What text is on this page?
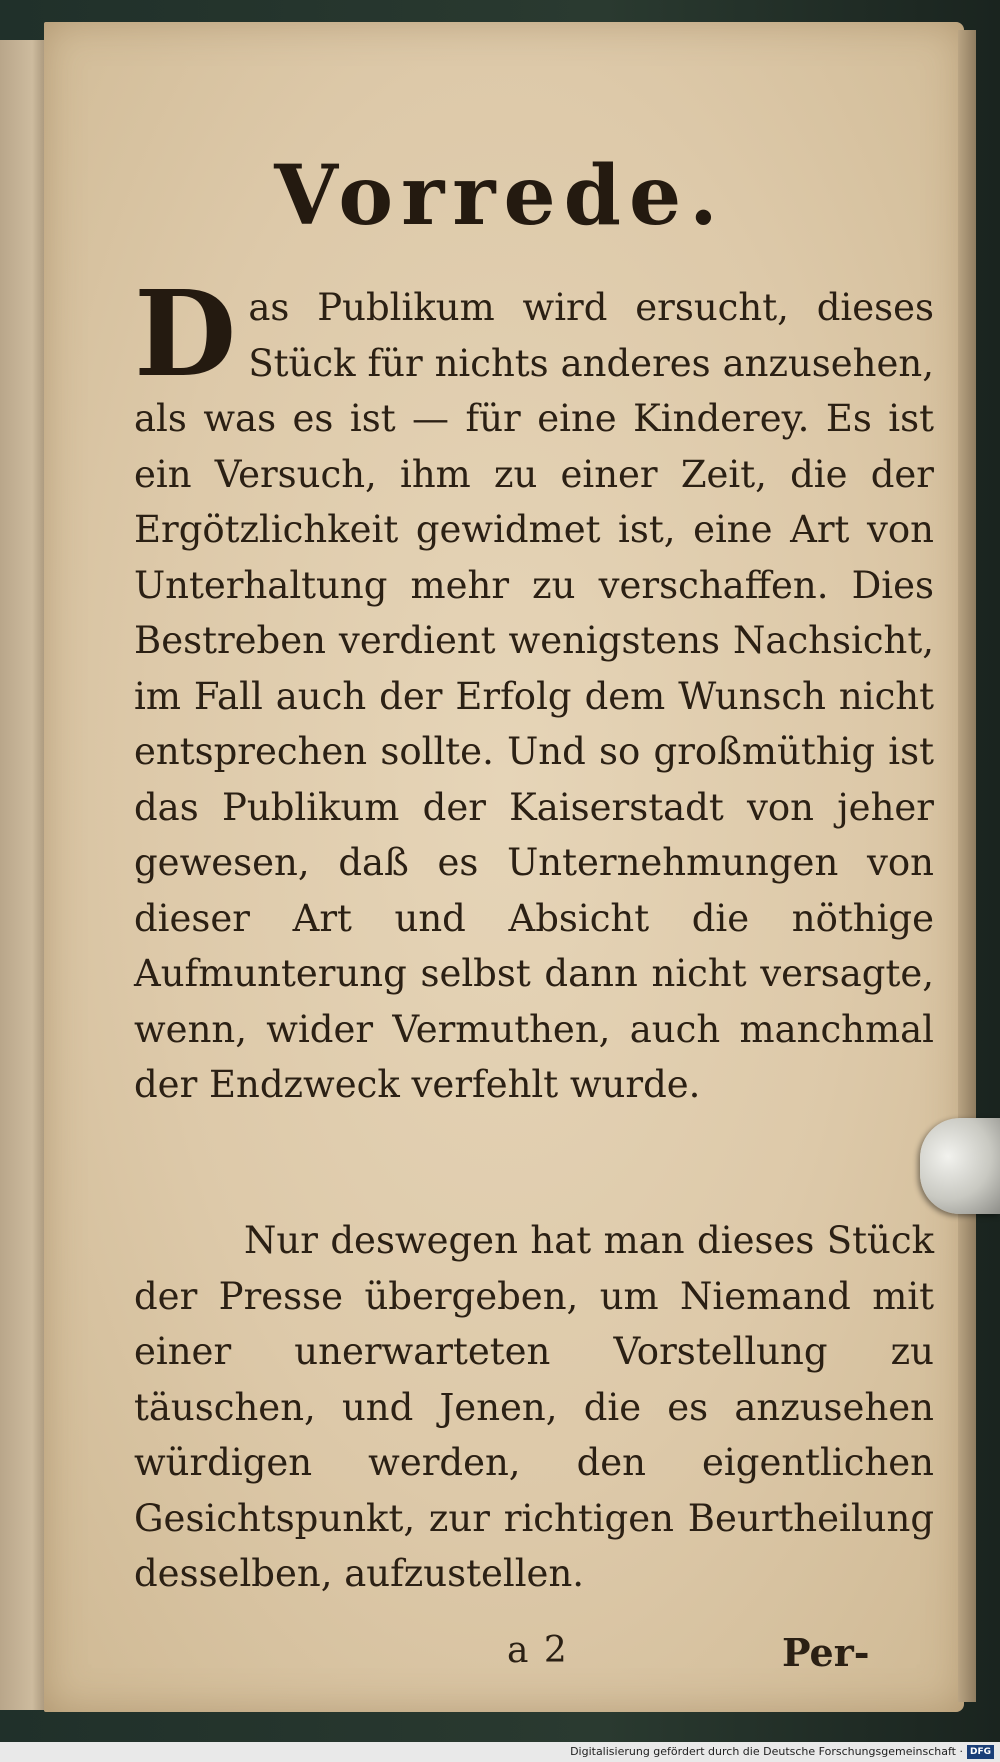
Vorrede.
Das Publikum wird ersucht, dieses Stück für nichts anderes anzusehen, als was es ist — für eine Kinderey. Es ist ein Versuch, ihm zu einer Zeit, die der Ergötzlichkeit gewidmet ist, eine Art von Unterhaltung mehr zu verschaffen. Dies Bestreben verdient wenigstens Nachsicht, im Fall auch der Erfolg dem Wunsch nicht entsprechen sollte. Und so großmüthig ist das Publikum der Kaiserstadt von jeher gewesen, daß es Unternehmungen von dieser Art und Absicht die nöthige Aufmunterung selbst dann nicht versagte, wenn, wider Vermuthen, auch manchmal der Endzweck verfehlt wurde.
Nur deswegen hat man dieses Stück der Presse übergeben, um Niemand mit einer unerwarteten Vorstellung zu täuschen, und Jenen, die es anzusehen würdigen werden, den eigentlichen Gesichtspunkt, zur richtigen Beurtheilung desselben, aufzustellen.
a 2	Per-
Digitalisierung gefördert durch die Deutsche Forschungsgemeinschaft · DFG
